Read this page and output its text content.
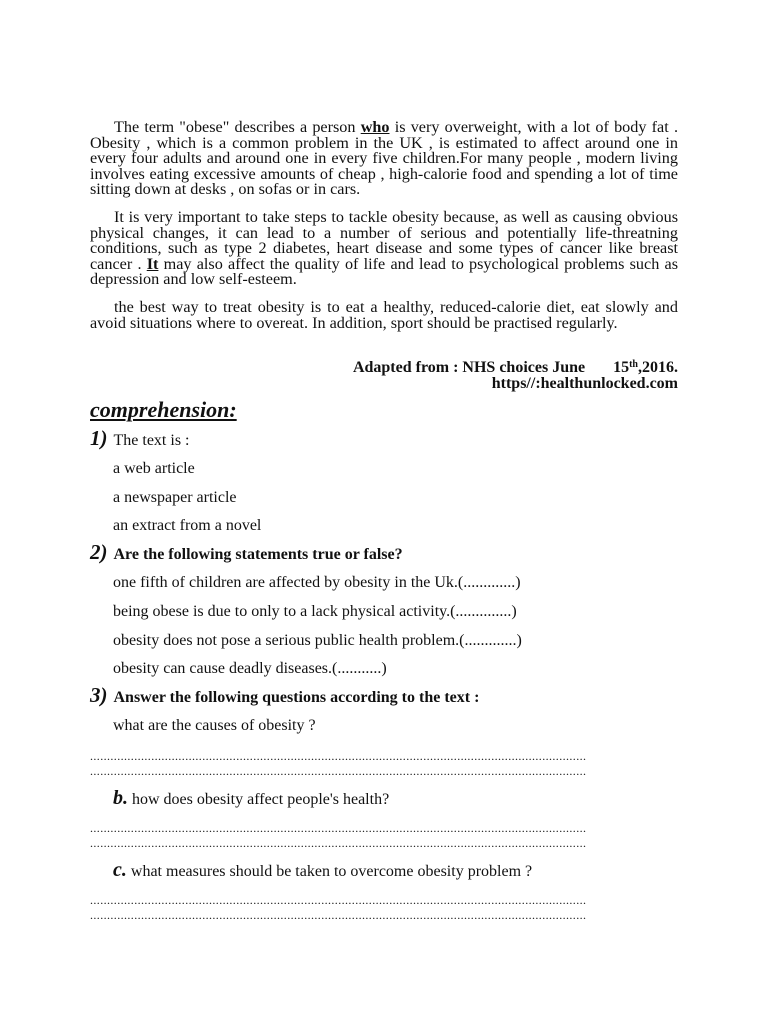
The term "obese" describes a person who is very overweight, with a lot of body fat . Obesity , which is a common problem in the UK , is estimated to affect around one in every four adults and around one in every five children.For many people , modern living involves eating excessive amounts of cheap , high-calorie food and spending a lot of time sitting down at desks , on sofas or in cars.

It is very important to take steps to tackle obesity because, as well as causing obvious physical changes, it can lead to a number of serious and potentially life-threatning conditions, such as type 2 diabetes, heart disease and some types of cancer like breast cancer . It may also affect the quality of life and lead to psychological problems such as depression and low self-esteem.

the best way to treat obesity is to eat a healthy, reduced-calorie diet, eat slowly and avoid situations where to overeat. In addition, sport should be practised regularly.

Adapted from : NHS choices June 15th,2016.

https//:healthunlocked.com

comprehension:

1) The text is :

a web article

a newspaper article

an extract from a novel

2) Are the following statements true or false?

one fifth of children are affected by obesity in the Uk.(.............)

being obese is due to only to a lack physical activity.(..............)

obesity does not pose a serious public health problem.(.............)

obesity can cause deadly diseases.(...........)

3) Answer the following questions according to the text :

what are the causes of obesity ?

..................................................................................................................................................
..................................................................................................................................................

b. how does obesity affect people's health?

..................................................................................................................................................
..................................................................................................................................................

c. what measures should be taken to overcome obesity problem ?

..................................................................................................................................................
..................................................................................................................................................
